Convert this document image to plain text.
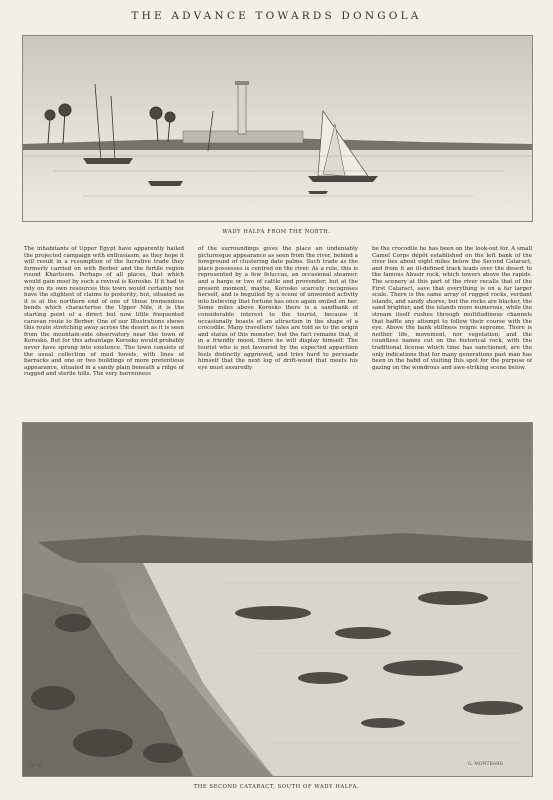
THE ADVANCE TOWARDS DONGOLA
WADY HALFA FROM THE NORTH.
The inhabitants of Upper Egypt have apparently hailed the projected campaign with enthusiasm, as they hope it will result in a resumption of the lucrative trade they formerly carried on with Berber and the fertile region round Khartoum. Perhaps of all places, that which would gain most by such a revival is Korosko. If it had to rely on its own resources this town would certainly not have the slightest of claims to posterity; but, situated as it is at the northern end of one of those tremendous bends which characterise the Upper Nile, it is the starting point of a direct but now little frequented caravan route to Berber. One of our Illustrations shows this route stretching away across the desert as it is seen from the mountain-side observatory near the town of Korosko. But for this advantage Korosko would probably never have sprung into existence. The town consists of the usual collection of mud hovels, with lines of barracks and one or two buildings of more pretentious appearance, situated in a sandy plain beneath a ridge of rugged and sterile hills. The very barrenness
of the surroundings gives the place an undeniably picturesque appearance as seen from the river, behind a foreground of clustering date palms. Such trade as the place possesses is centred on the river. As a rule, this is represented by a few feluccas, an occasional steamer, and a barge or two of cattle and provender; but at the present moment, maybe, Korosko scarcely recognises herself, and is beguiled by a scene of unwonted activity into believing that fortune has once again smiled on her. Some miles above Korosko there is a sandbank of considerable interest to the tourist, because it occasionally boasts of an attraction in the shape of a crocodile. Many travellers' tales are told as to the origin and status of this monster; but the fact remains that, if in a friendly mood, there he will display himself. The tourist who is not favoured by the expected apparition feels distinctly aggrieved, and tries hard to persuade himself that the next log of drift-wood that meets his eye must assuredly
be the crocodile he has been on the look-out for. A small Camel Corps dépôt established on the left bank of the river lies about eight miles below the Second Cataract, and from it an ill-defined track leads over the desert to the famous Abusir rock, which towers above the rapids. The scenery at this part of the river recalls that of the First Cataract, save that everything is on a far larger scale. There is the same array of rugged rocks, verdant islands, and sandy shores; but the rocks are blacker, the sand brighter, and the islands more numerous, while the stream itself rushes through multitudinous channels that baffle any attempt to follow their course with the eye. Above the bank stillness reigns supreme. There is neither life, movement, nor vegetation; and the countless names cut on the historical rock, with the traditional license which time has sanctioned, are the only indications that for many generations past man has been in the habit of visiting this spot for the purpose of gazing on the wondrous and awe-striking scene below.
m. W.	G. MONTBARD
THE SECOND CATARACT, SOUTH OF WADY HALFA.
